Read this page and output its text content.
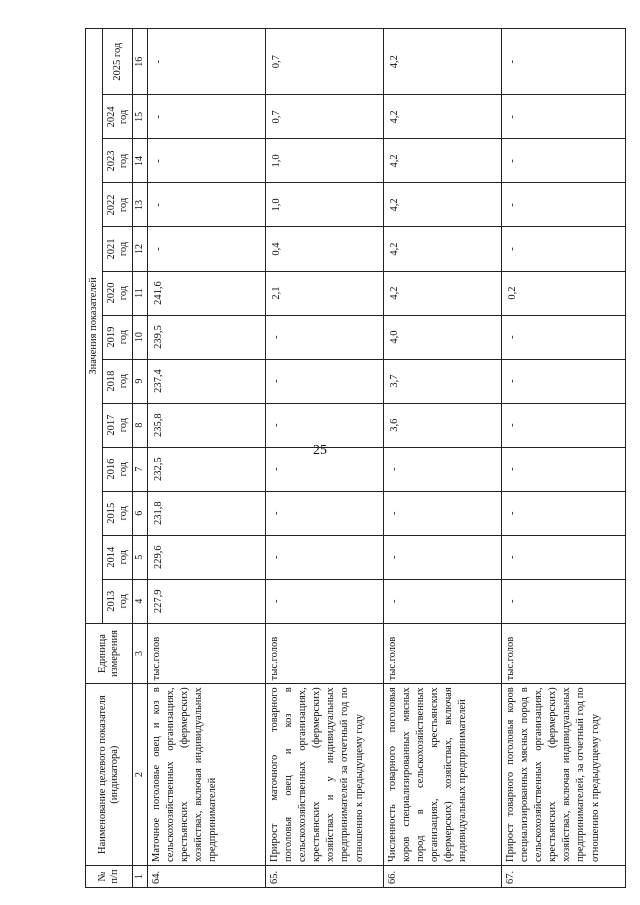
25
№ п/п	Наименование целевого показателя (индикатора)	Единица измерения	Значения показателей												
			2013 год	2014 год	2015 год	2016 год	2017 год	2018 год	2019 год	2020 год	2021 год	2022 год	2023 год	2024 год	2025 год
1	2	3	4	5	6	7	8	9	10	11	12	13	14	15	16
64.	Маточное поголовье овец и коз в сельскохозяйственных организациях, крестьянских (фермерских) хозяйствах, включая индивидуальных предпринимателей	тыс.голов	227,9	229,6	231,8	232,5	235,8	237,4	239,5	241,6	-	-	-	-	-
65.	Прирост маточного товарного поголовья овец и коз в сельскохозяйственных организациях, крестьянских (фермерских) хозяйствах и у индивидуальных предпринимателей за отчетный год по отношению к предыдущему году	тыс.голов	-	-	-	-	-	-	-	2,1	0,4	1,0	1,0	0,7	0,7
66.	Численность товарного поголовья коров специализированных мясных пород в сельскохозяйственных организациях, крестьянских (фермерских) хозяйствах, включая индивидуальных предпринимателей	тыс.голов	-	-	-	-	3,6	3,7	4,0	4,2	4,2	4,2	4,2	4,2	4,2
67.	Прирост товарного поголовья коров специализированных мясных пород в сельскохозяйственных организациях, крестьянских (фермерских) хозяйствах, включая индивидуальных предпринимателей, за отчетный год по отношению к предыдущему году	тыс.голов	-	-	-	-	-	-	-	0,2	-	-	-	-	-
